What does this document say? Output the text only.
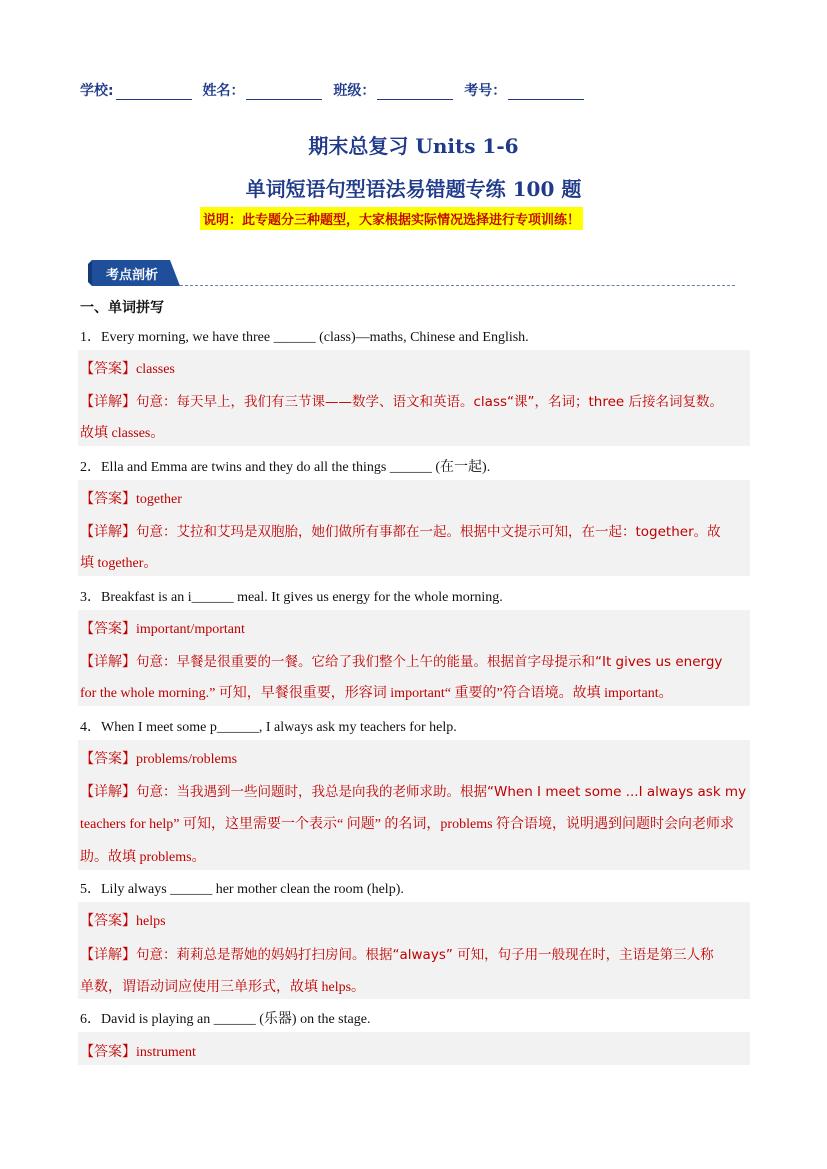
学校:	姓名：	班级：	考号：
期末总复习 Units 1-6
单词短语句型语法易错题专练 100 题
说明：此专题分三种题型，大家根据实际情况选择进行专项训练！
考点剖析
一、单词拼写
1．Every morning, we have three ______ (class)—maths, Chinese and English.
【答案】classes
【详解】句意：每天早上，我们有三节课——数学、语文和英语。class“课”，名词；three 后接名词复数。
故填 classes。
2．Ella and Emma are twins and they do all the things ______ (在一起).
【答案】together
【详解】句意：艾拉和艾玛是双胞胎，她们做所有事都在一起。根据中文提示可知，在一起：together。故
填 together。
3．Breakfast is an i______ meal. It gives us energy for the whole morning.
【答案】important/mportant
【详解】句意：早餐是很重要的一餐。它给了我们整个上午的能量。根据首字母提示和“It gives us energy
for the whole morning.” 可知，早餐很重要，形容词 important“ 重要的”符合语境。故填 important。
4．When I meet some p______, I always ask my teachers for help.
【答案】problems/roblems
【详解】句意：当我遇到一些问题时，我总是向我的老师求助。根据“When I meet some ...I always ask my
teachers for help” 可知，这里需要一个表示“ 问题” 的名词，problems 符合语境，说明遇到问题时会向老师求
助。故填 problems。
5．Lily always ______ her mother clean the room (help).
【答案】helps
【详解】句意：莉莉总是帮她的妈妈打扫房间。根据“always” 可知，句子用一般现在时，主语是第三人称
单数，谓语动词应使用三单形式，故填 helps。
6．David is playing an ______ (乐器) on the stage.
【答案】instrument
